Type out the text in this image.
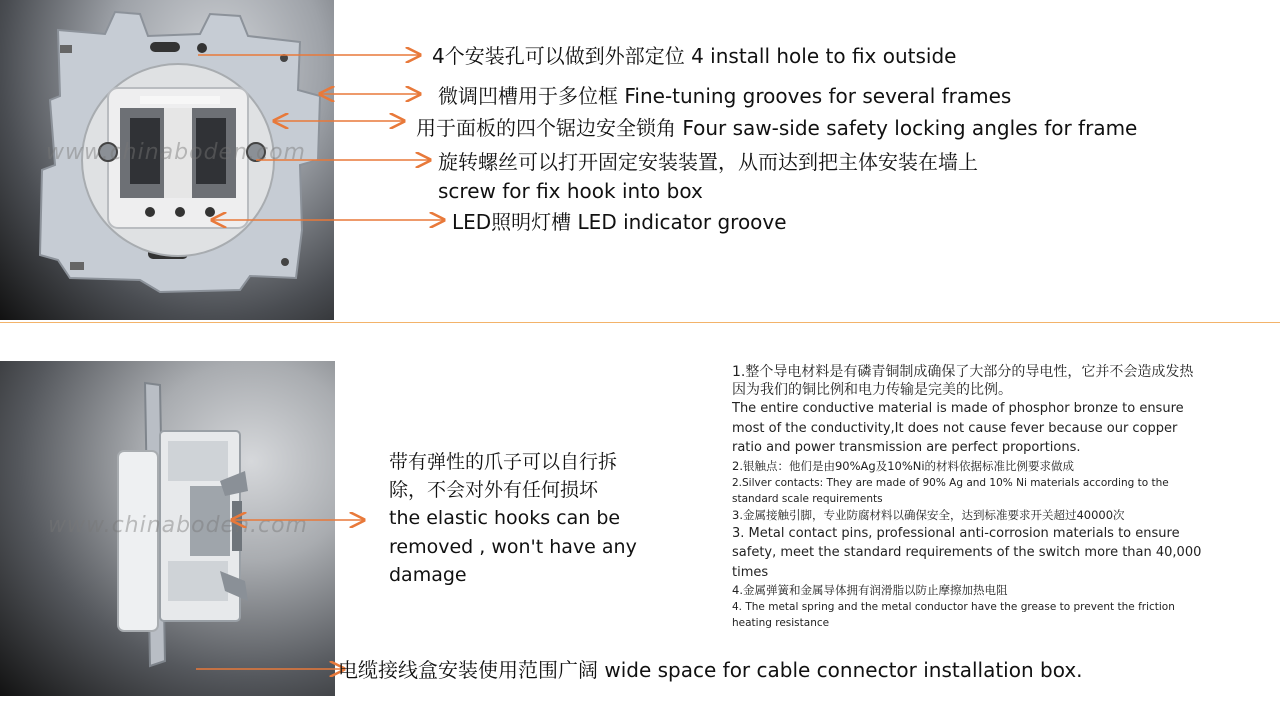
www.chinaboden.com
4个安装孔可以做到外部定位 4 install hole to fix outside
微调凹槽用于多位框 Fine-tuning grooves for several frames
用于面板的四个锯边安全锁角 Four saw-side safety locking angles for frame
旋转螺丝可以打开固定安装装置，从而达到把主体安装在墙上
screw for fix hook into box
LED照明灯槽 LED indicator groove
www.chinaboden.com
带有弹性的爪子可以自行拆除，不会对外有任何损坏
the elastic hooks can be removed , won't have any damage
1.整个导电材料是有磷青铜制成确保了大部分的导电性，它并不会造成发热因为我们的铜比例和电力传输是完美的比例。
The entire conductive material is made of phosphor bronze to ensure most of the conductivity,It does not cause fever because our copper ratio and power transmission are perfect proportions.
2.银触点：他们是由90%Ag及10%Ni的材料依据标准比例要求做成
2.Silver contacts: They are made of 90% Ag and 10% Ni materials according to the standard scale requirements
3.金属接触引脚，专业防腐材料以确保安全，达到标准要求开关超过40000次
3. Metal contact pins, professional anti-corrosion materials to ensure safety, meet the standard requirements of the switch more than 40,000 times
4.金属弹簧和金属导体拥有润滑脂以防止摩擦加热电阻
4. The metal spring and the metal conductor have the grease to prevent the friction heating resistance
电缆接线盒安装使用范围广阔 wide space for cable connector installation box.
